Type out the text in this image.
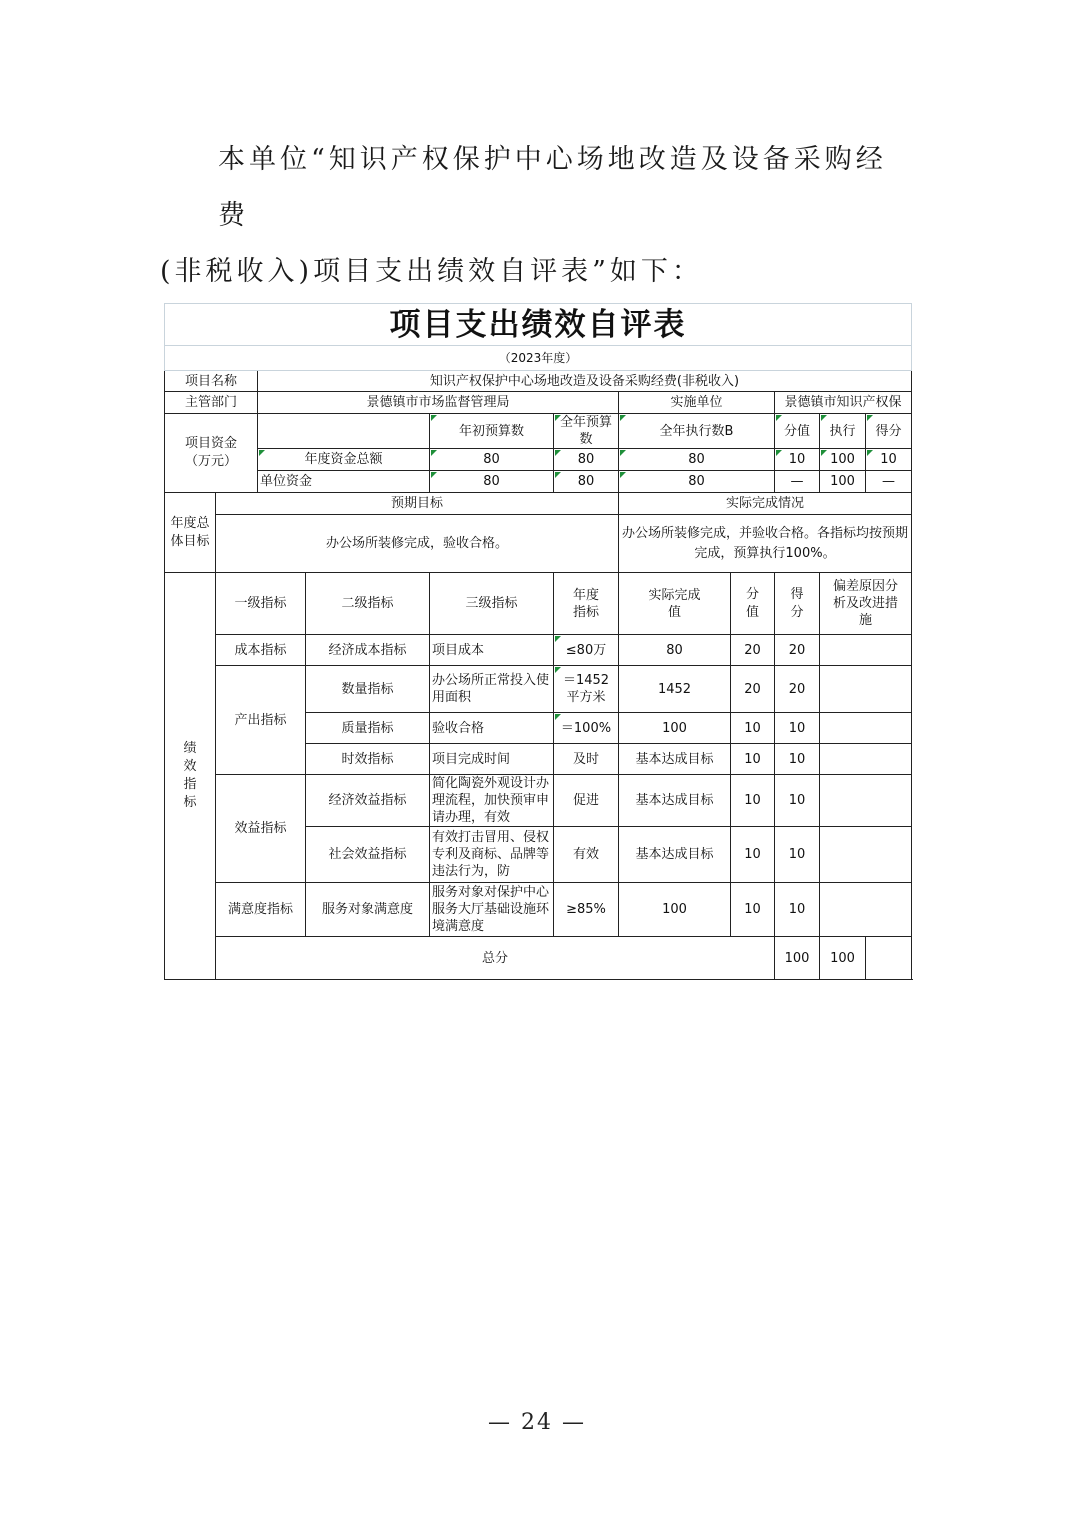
本单位“知识产权保护中心场地改造及设备采购经费

(非税收入)项目支出绩效自评表”如下：

项目支出绩效自评表										
（2023年度）										
项目名称		知识产权保护中心场地改造及设备采购经费(非税收入)								
主管部门		景德镇市市场监督管理局				实施单位		景德镇市知识产权保		
项目资金（万元）				年初预算数	全年预算数	全年执行数B		分值	执行	得分
		年度资金总额		80	80	80		10	100	10
		单位资金		80	80	80		—	100	—
年度总体目标	预期目标					实际完成情况				
	办公场所装修完成，验收合格。					办公场所装修完成，并验收合格。各指标均按预期完成，预算执行100%。				
绩效指标	一级指标		二级指标	三级指标	年度指标	实际完成值	分值	得分	偏差原因分析及改进措施	
	成本指标		经济成本指标	项目成本	≤80万	80	20	20		
	产出指标		数量指标	办公场所正常投入使用面积	＝1452平方米	1452	20	20		
			质量指标	验收合格	＝100%	100	10	10		
			时效指标	项目完成时间	及时	基本达成目标	10	10		
	效益指标		经济效益指标	简化陶瓷外观设计办理流程，加快预审申请办理，有效	促进	基本达成目标	10	10		
			社会效益指标	有效打击冒用、侵权专利及商标、品牌等违法行为，防	有效	基本达成目标	10	10		
	满意度指标		服务对象满意度	服务对象对保护中心服务大厅基础设施环境满意度	≥85%	100	10	10		
	总分							100	100	
— 24 —
